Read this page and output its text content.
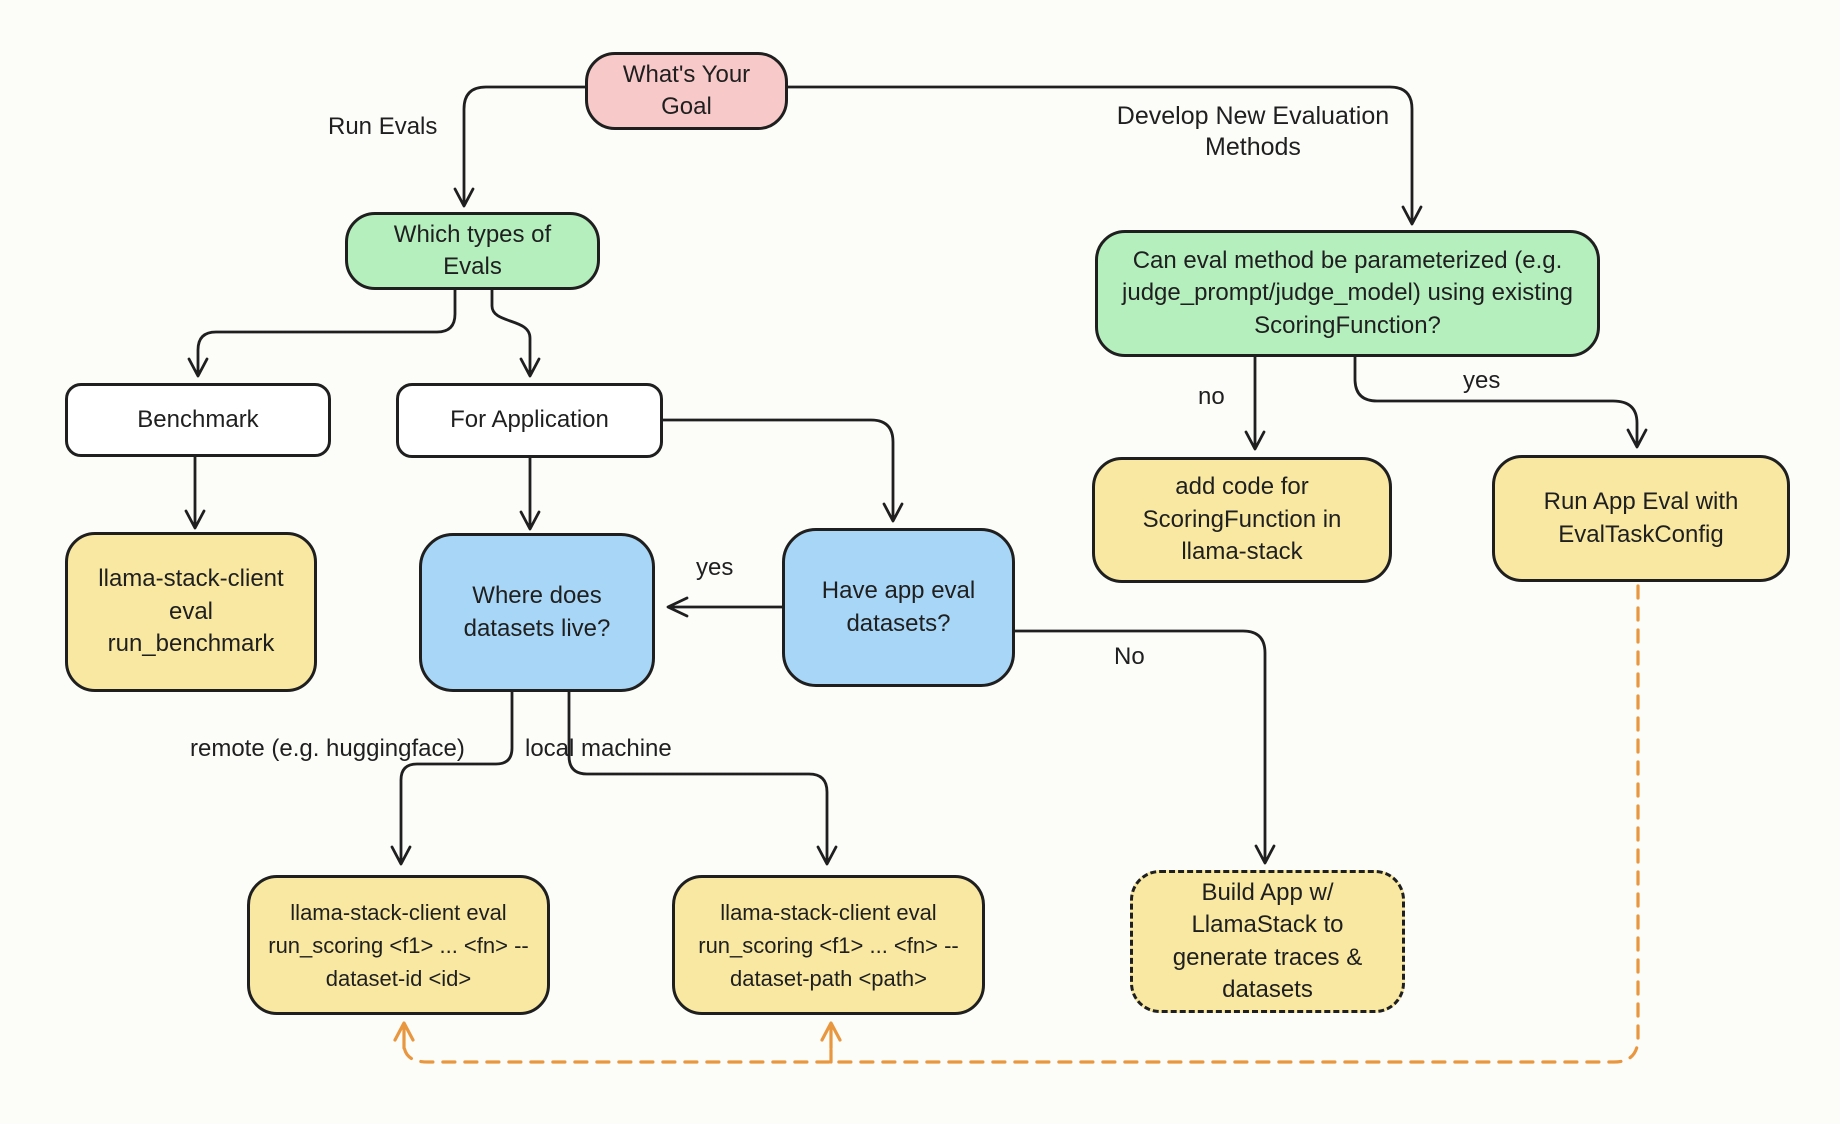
What's Your Goal
Which types of Evals	Can eval method be parameterized (e.g. judge_prompt/judge_model) using existing ScoringFunction?
Benchmark	For Application
llama-stack-client eval run_benchmark
Where does datasets live?
Have app eval datasets?
add code for ScoringFunction in llama-stack
Run App Eval with EvalTaskConfig
llama-stack-client eval run_scoring <f1> ... <fn> --dataset-id <id>
llama-stack-client eval run_scoring <f1> ... <fn> --dataset-path <path>
Build App w/ LlamaStack to generate traces & datasets
Run Evals	Develop New Evaluation Methods
no
yes
yes
No
remote (e.g. huggingface)	local machine
